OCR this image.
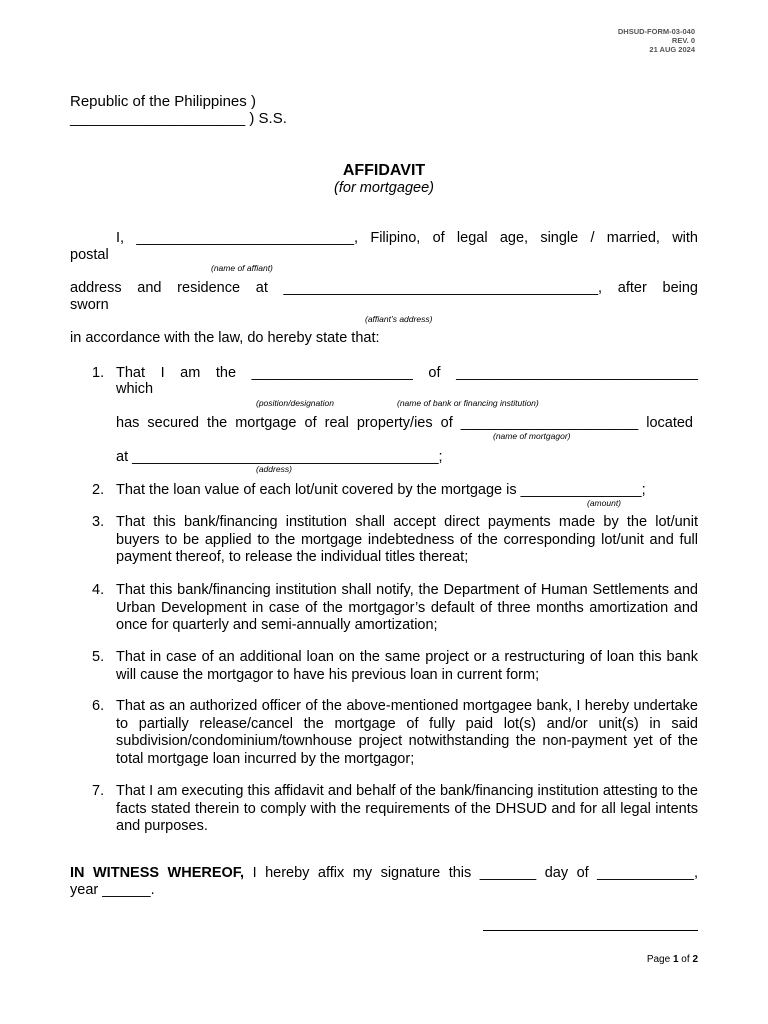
DHSUD-FORM-03-040
REV. 0
21 AUG 2024
Republic of the Philippines )
_____________________ ) S.S.
AFFIDAVIT
(for mortgagee)
I, ___________________________, Filipino, of legal age, single / married, with
postal
(name of affiant)
address and residence at _______________________________________, after being
sworn
(affiant’s address)
in accordance with the law, do hereby state that:
1. That I am the ____________________ of ______________________________
which
(position/designation	(name of bank or financing institution)
has secured the mortgage of real property/ies of ______________________ located
(name of mortgagor)
at ______________________________________;
(address)
2. That the loan value of each lot/unit covered by the mortgage is _______________;
(amount)
3. That this bank/financing institution shall accept direct payments made by the lot/unit buyers to be applied to the mortgage indebtedness of the corresponding lot/unit and full payment thereof, to release the individual titles thereat;
4. That this bank/financing institution shall notify, the Department of Human Settlements and Urban Development in case of the mortgagor’s default of three months amortization and once for quarterly and semi-annually amortization;
5. That in case of an additional loan on the same project or a restructuring of loan this bank will cause the mortgagor to have his previous loan in current form;
6. That as an authorized officer of the above-mentioned mortgagee bank, I hereby undertake to partially release/cancel the mortgage of fully paid lot(s) and/or unit(s) in said subdivision/condominium/townhouse project notwithstanding the non-payment yet of the total mortgage loan incurred by the mortgagor;
7. That I am executing this affidavit and behalf of the bank/financing institution attesting to the facts stated therein to comply with the requirements of the DHSUD and for all legal intents and purposes.
IN WITNESS WHEREOF, I hereby affix my signature this _______ day of ____________,
year ______.
Page 1 of 2
